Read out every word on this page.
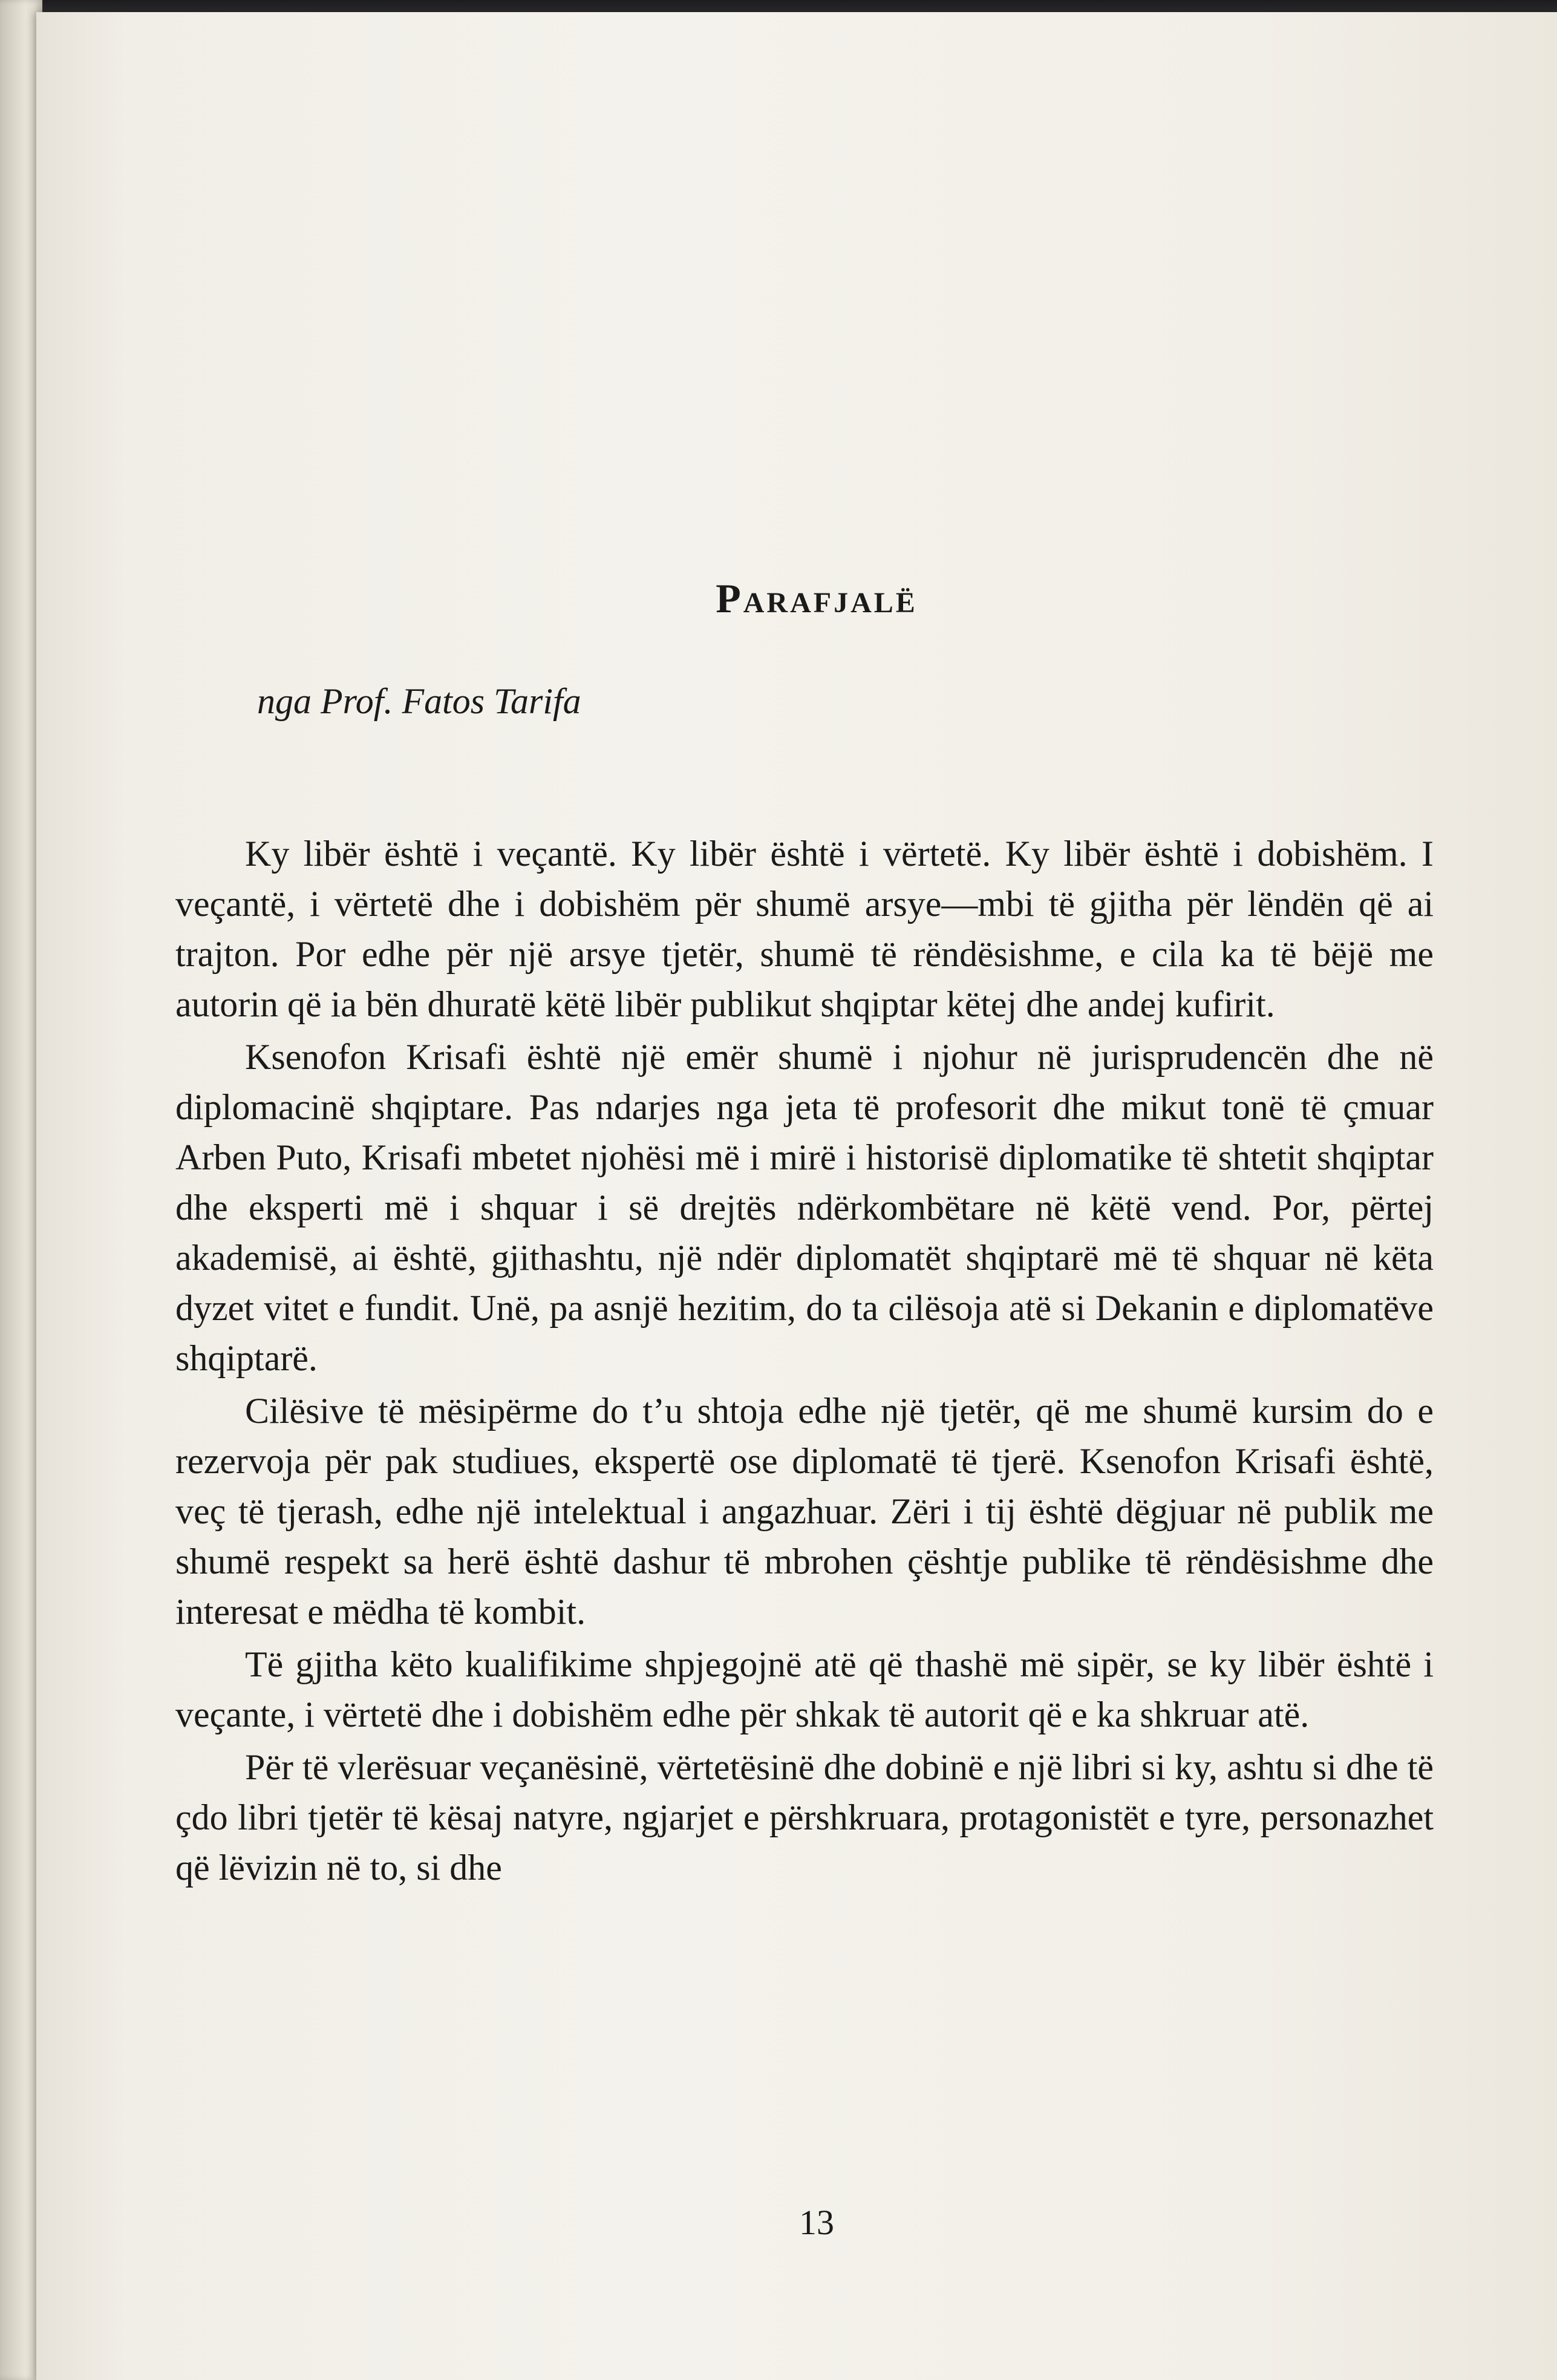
Parafjalë

nga Prof. Fatos Tarifa

Ky libër është i veçantë. Ky libër është i vërtetë. Ky libër është i dobishëm. I veçantë, i vërtetë dhe i dobishëm për shumë arsye—mbi të gjitha për lëndën që ai trajton. Por edhe për një arsye tjetër, shumë të rëndësishme, e cila ka të bëjë me autorin që ia bën dhuratë këtë libër publikut shqiptar këtej dhe andej kufirit.

Ksenofon Krisafi është një emër shumë i njohur në jurisprudencën dhe në diplomacinë shqiptare. Pas ndarjes nga jeta të profesorit dhe mikut tonë të çmuar Arben Puto, Krisafi mbetet njohësi më i mirë i historisë diplomatike të shtetit shqiptar dhe eksperti më i shquar i së drejtës ndërkombëtare në këtë vend. Por, përtej akademisë, ai është, gjithashtu, një ndër diplomatët shqiptarë më të shquar në këta dyzet vitet e fundit. Unë, pa asnjë hezitim, do ta cilësoja atë si Dekanin e diplomatëve shqiptarë.

Cilësive të mësipërme do t’u shtoja edhe një tjetër, që me shumë kursim do e rezervoja për pak studiues, ekspertë ose diplomatë të tjerë. Ksenofon Krisafi është, veç të tjerash, edhe një intelektual i angazhuar. Zëri i tij është dëgjuar në publik me shumë respekt sa herë është dashur të mbrohen çështje publike të rëndësishme dhe interesat e mëdha të kombit.

Të gjitha këto kualifikime shpjegojnë atë që thashë më sipër, se ky libër është i veçante, i vërtetë dhe i dobishëm edhe për shkak të autorit që e ka shkruar atë.

Për të vlerësuar veçanësinë, vërtetësinë dhe dobinë e një libri si ky, ashtu si dhe të çdo libri tjetër të kësaj natyre, ngjarjet e përshkruara, protagonistët e tyre, personazhet që lëvizin në to, si dhe

13
